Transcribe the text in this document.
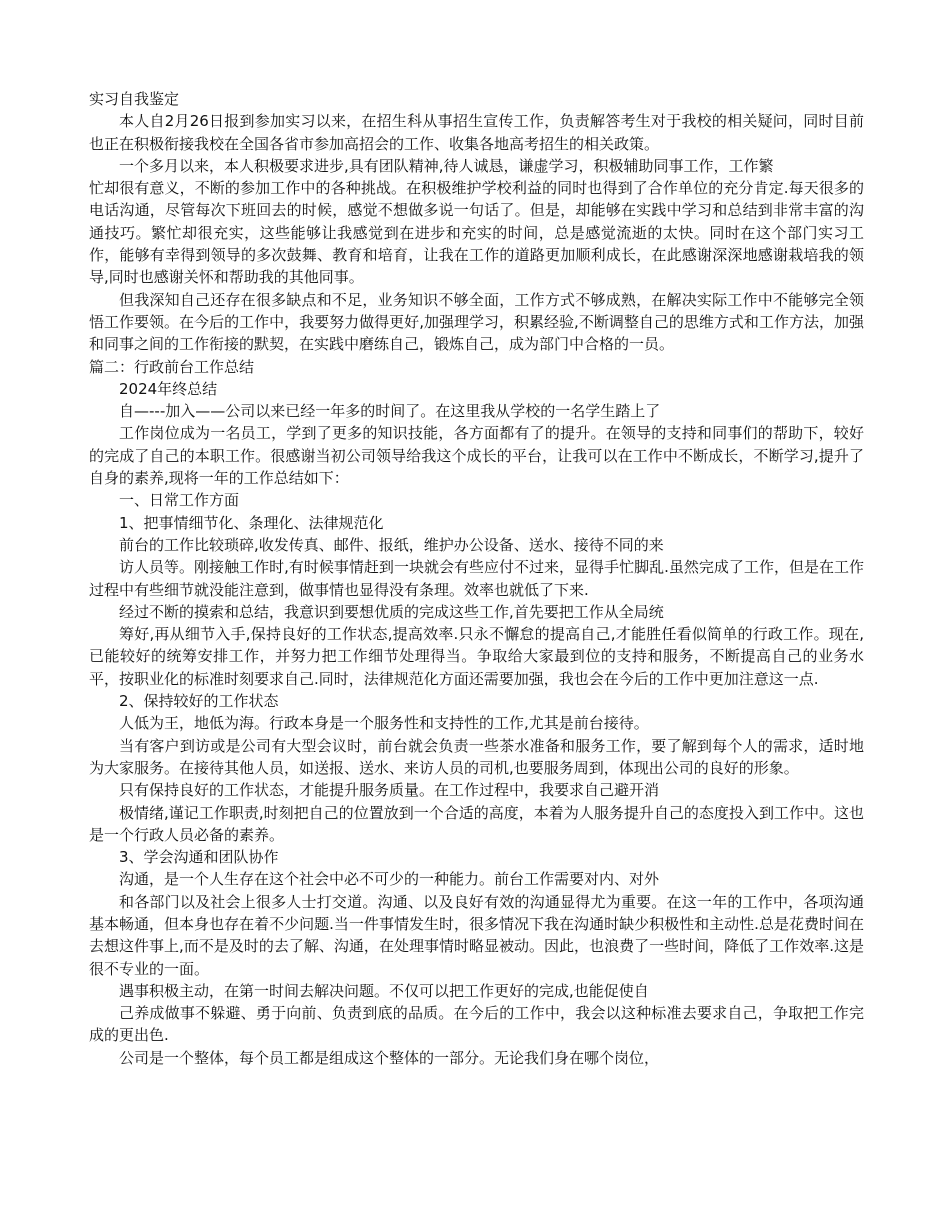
实习自我鉴定

本人自2月26日报到参加实习以来，在招生科从事招生宣传工作，负责解答考生对于我校的相关疑问，同时目前也正在积极衔接我校在全国各省市参加高招会的工作、收集各地高考招生的相关政策。

一个多月以来，本人积极要求进步,具有团队精神,待人诚恳，谦虚学习，积极辅助同事工作，工作繁

忙却很有意义，不断的参加工作中的各种挑战。在积极维护学校利益的同时也得到了合作单位的充分肯定.每天很多的电话沟通，尽管每次下班回去的时候，感觉不想做多说一句话了。但是，却能够在实践中学习和总结到非常丰富的沟通技巧。繁忙却很充实，这些能够让我感觉到在进步和充实的时间，总是感觉流逝的太快。同时在这个部门实习工作，能够有幸得到领导的多次鼓舞、教育和培育，让我在工作的道路更加顺利成长，在此感谢深深地感谢栽培我的领导,同时也感谢关怀和帮助我的其他同事。

但我深知自己还存在很多缺点和不足，业务知识不够全面，工作方式不够成熟，在解决实际工作中不能够完全领悟工作要领。在今后的工作中，我要努力做得更好,加强理学习，积累经验,不断调整自己的思维方式和工作方法，加强和同事之间的工作衔接的默契，在实践中磨练自己，锻炼自己，成为部门中合格的一员。

篇二：行政前台工作总结

2024年终总结

自—---加入——公司以来已经一年多的时间了。在这里我从学校的一名学生踏上了

工作岗位成为一名员工，学到了更多的知识技能，各方面都有了的提升。在领导的支持和同事们的帮助下，较好的完成了自己的本职工作。很感谢当初公司领导给我这个成长的平台，让我可以在工作中不断成长，不断学习,提升了自身的素养,现将一年的工作总结如下：

一、日常工作方面

1、把事情细节化、条理化、法律规范化

前台的工作比较琐碎,收发传真、邮件、报纸，维护办公设备、送水、接待不同的来

访人员等。刚接触工作时,有时候事情赶到一块就会有些应付不过来，显得手忙脚乱.虽然完成了工作，但是在工作过程中有些细节就没能注意到，做事情也显得没有条理。效率也就低了下来.

经过不断的摸索和总结，我意识到要想优质的完成这些工作,首先要把工作从全局统

筹好,再从细节入手,保持良好的工作状态,提高效率.只永不懈怠的提高自己,才能胜任看似简单的行政工作。现在,已能较好的统筹安排工作，并努力把工作细节处理得当。争取给大家最到位的支持和服务，不断提高自己的业务水平，按职业化的标准时刻要求自己.同时，法律规范化方面还需要加强，我也会在今后的工作中更加注意这一点.

2、保持较好的工作状态

人低为王，地低为海。行政本身是一个服务性和支持性的工作,尤其是前台接待。

当有客户到访或是公司有大型会议时，前台就会负责一些茶水准备和服务工作，要了解到每个人的需求，适时地为大家服务。在接待其他人员，如送报、送水、来访人员的司机,也要服务周到，体现出公司的良好的形象。

只有保持良好的工作状态，才能提升服务质量。在工作过程中，我要求自己避开消

极情绪,谨记工作职责,时刻把自己的位置放到一个合适的高度，本着为人服务提升自己的态度投入到工作中。这也是一个行政人员必备的素养。

3、学会沟通和团队协作

沟通，是一个人生存在这个社会中必不可少的一种能力。前台工作需要对内、对外

和各部门以及社会上很多人士打交道。沟通、以及良好有效的沟通显得尤为重要。在这一年的工作中，各项沟通基本畅通，但本身也存在着不少问题.当一件事情发生时，很多情况下我在沟通时缺少积极性和主动性.总是花费时间在去想这件事上,而不是及时的去了解、沟通，在处理事情时略显被动。因此，也浪费了一些时间，降低了工作效率.这是很不专业的一面。

遇事积极主动，在第一时间去解决问题。不仅可以把工作更好的完成,也能促使自

己养成做事不躲避、勇于向前、负责到底的品质。在今后的工作中，我会以这种标准去要求自己，争取把工作完成的更出色.

公司是一个整体，每个员工都是组成这个整体的一部分。无论我们身在哪个岗位，
